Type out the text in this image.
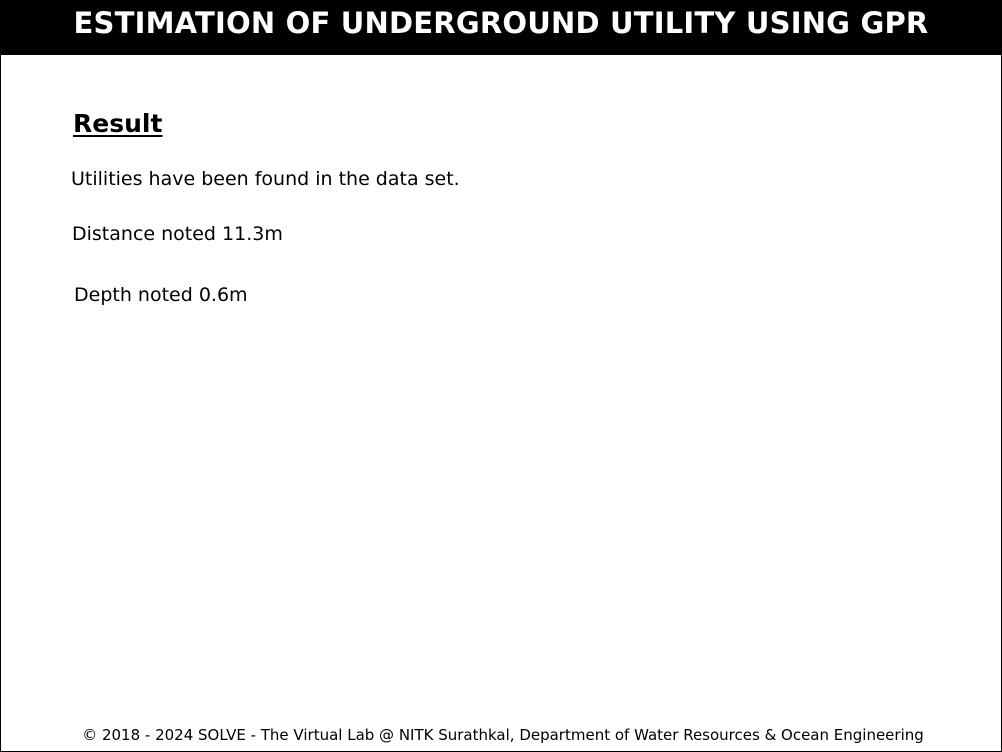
ESTIMATION OF UNDERGROUND UTILITY USING GPR
Result
Utilities have been found in the data set.
Distance noted 11.3m
Depth noted 0.6m
© 2018 - 2024 SOLVE - The Virtual Lab @ NITK Surathkal, Department of Water Resources & Ocean Engineering
